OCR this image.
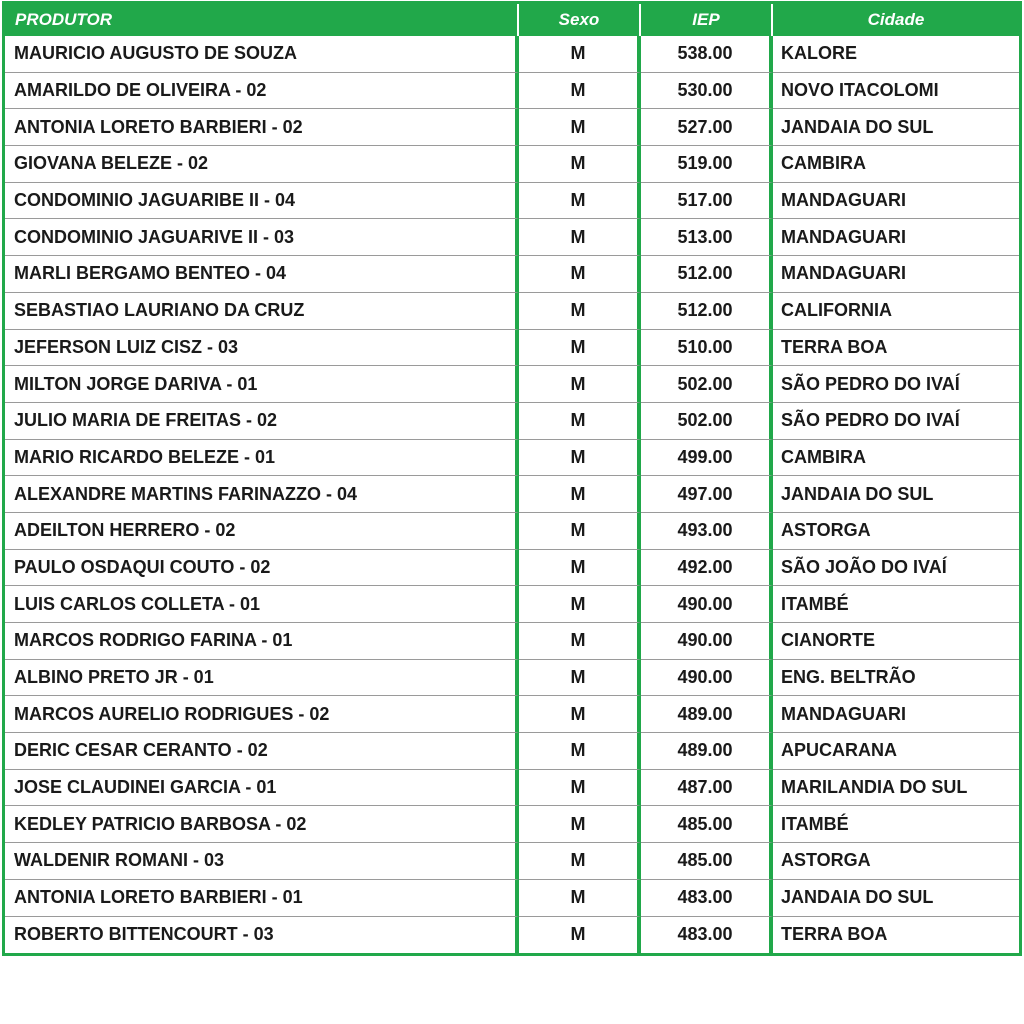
PRODUTOR	Sexo	IEP	Cidade
MAURICIO AUGUSTO DE SOUZA	M	538.00	KALORE
AMARILDO DE OLIVEIRA - 02	M	530.00	NOVO ITACOLOMI
ANTONIA LORETO BARBIERI - 02	M	527.00	JANDAIA DO SUL
GIOVANA BELEZE - 02	M	519.00	CAMBIRA
CONDOMINIO JAGUARIBE II - 04	M	517.00	MANDAGUARI
CONDOMINIO JAGUARIVE II - 03	M	513.00	MANDAGUARI
MARLI BERGAMO BENTEO - 04	M	512.00	MANDAGUARI
SEBASTIAO LAURIANO DA CRUZ	M	512.00	CALIFORNIA
JEFERSON LUIZ CISZ - 03	M	510.00	TERRA BOA
MILTON JORGE DARIVA - 01	M	502.00	SÃO PEDRO DO IVAÍ
JULIO MARIA DE FREITAS - 02	M	502.00	SÃO PEDRO DO IVAÍ
MARIO RICARDO BELEZE - 01	M	499.00	CAMBIRA
ALEXANDRE MARTINS FARINAZZO - 04	M	497.00	JANDAIA DO SUL
ADEILTON HERRERO - 02	M	493.00	ASTORGA
PAULO OSDAQUI COUTO - 02	M	492.00	SÃO JOÃO DO IVAÍ
LUIS CARLOS COLLETA - 01	M	490.00	ITAMBÉ
MARCOS RODRIGO FARINA - 01	M	490.00	CIANORTE
ALBINO PRETO JR - 01	M	490.00	ENG. BELTRÃO
MARCOS AURELIO RODRIGUES - 02	M	489.00	MANDAGUARI
DERIC CESAR CERANTO - 02	M	489.00	APUCARANA
JOSE CLAUDINEI GARCIA - 01	M	487.00	MARILANDIA DO SUL
KEDLEY PATRICIO BARBOSA - 02	M	485.00	ITAMBÉ
WALDENIR ROMANI - 03	M	485.00	ASTORGA
ANTONIA LORETO BARBIERI - 01	M	483.00	JANDAIA DO SUL
ROBERTO BITTENCOURT - 03	M	483.00	TERRA BOA
